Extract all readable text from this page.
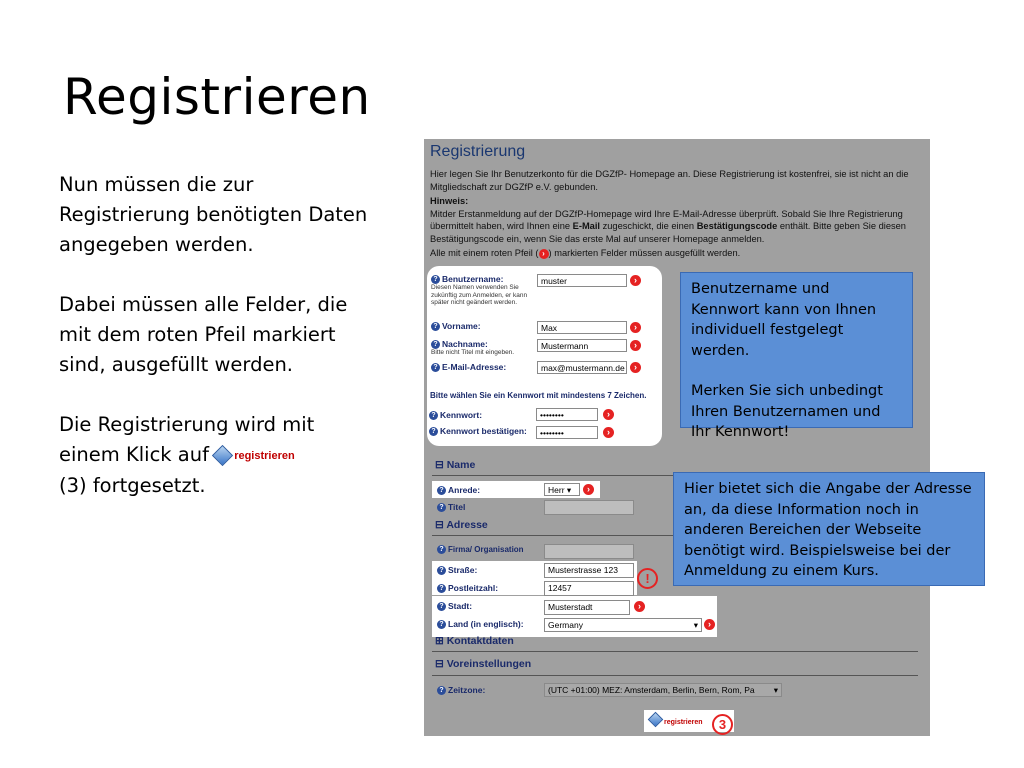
Registrieren

Nun müssen die zur Registrierung benötigten Daten angegeben werden.

Dabei müssen alle Felder, die mit dem roten Pfeil markiert sind, ausgefüllt werden.

Die Registrierung wird mit einem Klick auf registrieren

(3) fortgesetzt.

Registrierung
Hier legen Sie Ihr Benutzerkonto für die DGZfP- Homepage an. Diese Registrierung ist kostenfrei, sie ist nicht an die Mitgliedschaft zur DGZfP e.V. gebunden.
Hinweis:
Mitder Erstanmeldung auf der DGZfP-Homepage wird Ihre E-Mail-Adresse überprüft. Sobald Sie Ihre Registrierung übermittelt haben, wird Ihnen eine E-Mail zugeschickt, die einen Bestätigungscode enthält. Bitte geben Sie diesen Bestätigungscode ein, wenn Sie das erste Mal auf unserer Homepage anmelden.
Alle mit einem roten Pfeil ( › ) markierten Felder müssen ausgefüllt werden.
? Benutzername:
Diesen Namen verwenden Sie zukünftig zum Anmelden, er kann später nicht geändert werden.
muster	›
? Vorname:	Max	›
? Nachname:
Bitte nicht Titel mit eingeben.
Mustermann	›
? E-Mail-Adresse:	max@mustermann.de	›
Bitte wählen Sie ein Kennwort mit mindestens 7 Zeichen.
? Kennwort:	••••••••	›
? Kennwort bestätigen:	••••••••	›
⊟ Name
? Anrede:	Herr ▾	›
? Titel
⊟ Adresse
? Firma/ Organisation
? Straße:	Musterstrasse 123
? Postleitzahl:	12457
!
? Stadt:	Musterstadt	›
? Land (in englisch):	Germany	▾	›
⊞ Kontaktdaten
⊟ Voreinstellungen
? Zeitzone:	(UTC +01:00) MEZ: Amsterdam, Berlin, Bern, Rom, Pa ▾
registrieren	3
Benutzername und Kennwort kann von Ihnen individuell festgelegt werden.
Merken Sie sich unbedingt Ihren Benutzernamen und Ihr Kennwort!
Hier bietet sich die Angabe der Adresse an, da diese Information noch in anderen Bereichen der Webseite benötigt wird. Beispielsweise bei der Anmeldung zu einem Kurs.
